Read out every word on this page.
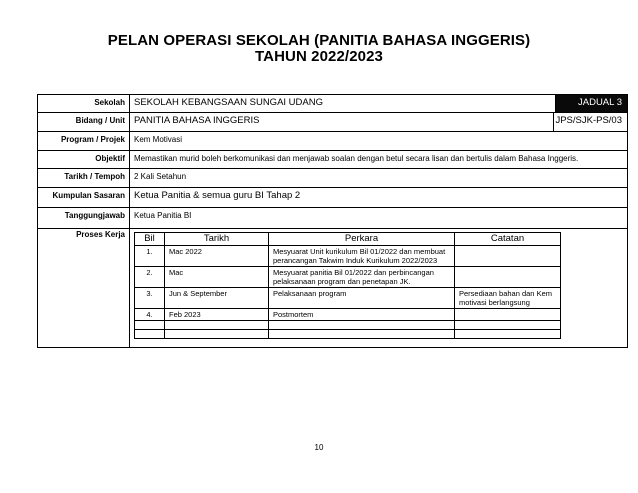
PELAN OPERASI SEKOLAH (PANITIA BAHASA INGGERIS)
TAHUN 2022/2023
Sekolah SEKOLAH KEBANGSAAN SUNGAI UDANG	JADUAL 3
Bidang / Unit PANITIA BAHASA INGGERIS	JPS/SJK-PS/03
Program / Projek	Kem Motivasi
Objektif	Memastikan murid boleh berkomunikasi dan menjawab soalan dengan betul secara lisan dan bertulis dalam Bahasa Inggeris.
Tarikh / Tempoh	2 Kali Setahun
Kumpulan Sasaran Ketua Panitia & semua guru BI Tahap 2
Tanggungjawab	Ketua Panitia BI
Proses Kerja	Bil	Tarikh	Perkara	Catatan
1.	Mac 2022	Mesyuarat Unit kurikulum Bil 01/2022 dan membuat perancangan Takwim Induk Kurikulum 2022/2023	
2.	Mac	Mesyuarat panitia Bil 01/2022 dan perbincangan pelaksanaan program dan penetapan JK.	
3.	Jun & September	Pelaksanaan program	Persediaan bahan dan Kem motivasi berlangsung
4.	Feb 2023	Postmortem	

10
